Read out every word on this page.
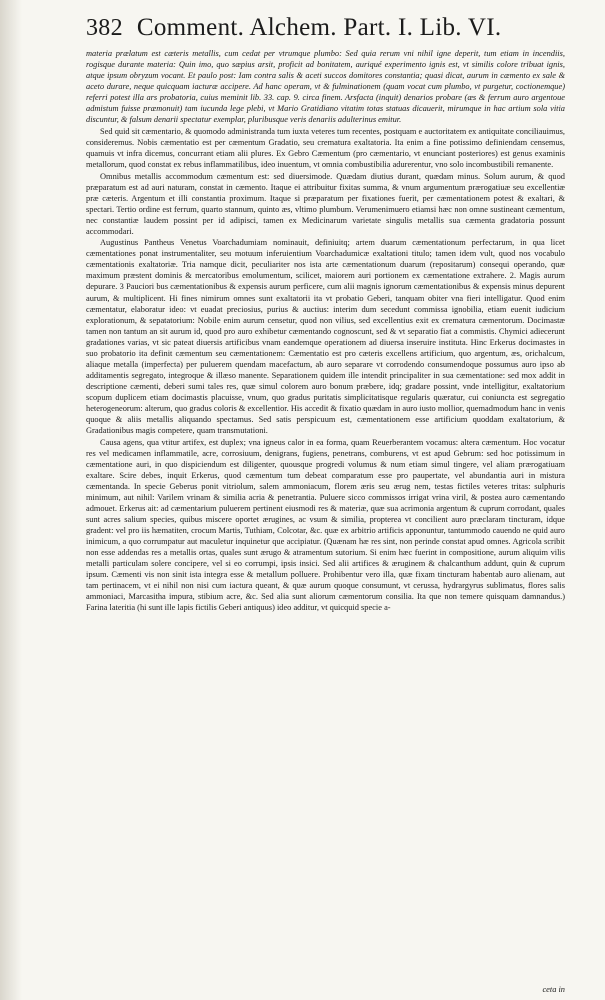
382 Comment. Alchem. Part. I. Lib. VI.

materia prælatum est cæteris metallis, cum cedat per vtrumque plumbo: Sed quia rerum vni nihil igne deperit, tum etiam in incendiis, rogisque durante materia: Quin imo, quo sæpius arsit, proficit ad bonitatem, auriqué experimento ignis est, vt similis colore tribuat ignis, atque ipsum obryzum vocant. Et paulo post: Iam contra salis & aceti succos domitores constantia; quasi dicat, aurum in cæmento ex sale & aceto durare, neque quicquam iacturæ accipere. Ad hanc operam, vt & fulminationem (quam vocat cum plumbo, vt purgetur, coctionemque) referri potest illa ars probatoria, cuius meminit lib. 33. cap. 9. circa finem. Arsfacta (inquit) denarios probare (æs & ferrum auro argentoue admistum fuisse præmonuit) tam iucunda lege plebi, vt Mario Gratidiano vitatim totas statuas dicauerit, mirumque in hac artium sola vitia discuntur, & falsum denarii spectatur exemplar, pluribusque veris denariis adulterinus emitur.

Sed quid sit cæmentario, & quomodo administranda tum iuxta veteres tum recentes, postquam e auctoritatem ex antiquitate conciliauimus, consideremus. Nobis cæmentatio est per cæmentum Gradatio, seu crematura exaltatoria. Ita enim a fine potissimo definiendam censemus, quamuis vt infra dicemus, concurrant etiam alii plures. Ex Gebro Cæmentum (pro cæmentario, vt enunciant posteriores) est genus examinis metallorum, quod constat ex rebus inflammatilibus, ideo inuentum, vt omnia combustibilia adurerentur, vno solo incombustibili remanente.

Omnibus metallis accommodum cæmentum est: sed diuersimode. Quædam diutius durant, quædam minus. Solum aurum, & quod præparatum est ad auri naturam, constat in cæmento. Itaque ei attribuitur fixitas summa, & vnum argumentum prærogatiuæ seu excellentiæ præ cæteris. Argentum et illi constantia proximum. Itaque si præparatum per fixationes fuerit, per cæmentationem potest & exaltari, & spectari. Tertio ordine est ferrum, quarto stannum, quinto æs, vltimo plumbum. Verumenimuero etiamsi hæc non omne sustineant cæmentum, nec constantiæ laudem possint per id adipisci, tamen ex Medicinarum varietate singulis metallis sua cæmenta gradatoria possunt accommodari.

Augustinus Pantheus Venetus Voarchadumiam nominauit, definiuitq; artem duarum cæmentationum perfectarum, in qua licet cæmentationes ponat instrumentaliter, seu motuum inferuientium Voarchadumicæ exaltationi titulo; tamen idem vult, quod nos vocabulo cæmentationis exaltatoriæ. Tria namque dicit, peculiariter nos ista arte cæmentationum duarum (repositarum) consequi operando, quæ maximum præstent dominis & mercatoribus emolumentum, scilicet, maiorem auri portionem ex cæmentatione extrahere. 2. Magis aurum depurare. 3 Pauciori bus cæmentationibus & expensis aurum perficere, cum alii magnis ignorum cæmentationibus & expensis minus depurent aurum, & multiplicent. Hi fines nimirum omnes sunt exaltatorii ita vt probatio Geberi, tanquam obiter vna fieri intelligatur. Quod enim cæmentatur, elaboratur ideo: vt euadat preciosius, purius & auctius: interim dum secedunt commissa ignobilia, etiam euenit iudicium explorationum, & sepatatorium: Nobile enim aurum censetur, quod non vilius, sed excellentius exit ex crematura cæmentorum. Docimastæ tamen non tantum an sit aurum id, quod pro auro exhibetur cæmentando cognoscunt, sed & vt separatio fiat a commistis. Chymici adiecerunt gradationes varias, vt sic pateat diuersis artificibus vnam eandemque operationem ad diuersa inseruire instituta. Hinc Erkerus docimastes in suo probatorio ita definit cæmentum seu cæmentationem: Cæmentatio est pro cæteris excellens artificium, quo argentum, æs, orichalcum, aliaque metalla (imperfecta) per puluerem quendam macefactum, ab auro separare vt corrodendo consumendoque possumus auro ipso ab additamentis segregato, integroque & illæso manente. Separationem quidem ille intendit principaliter in sua cæmentatione: sed mox addit in descriptione cæmenti, deberi sumi tales res, quæ simul colorem auro bonum præbere, idq; gradare possint, vnde intelligitur, exaltatorium scopum duplicem etiam docimastis placuisse, vnum, quo gradus puritatis simplicitatisque regularis quæratur, cui coniuncta est segregatio heterogeneorum: alterum, quo gradus coloris & excellentior. His accedit & fixatio quædam in auro iusto mollior, quemadmodum hanc in venis quoque & aliis metallis aliquando spectamus. Sed satis perspicuum est, cæmentationem esse artificium quoddam exaltatorium, & Gradationibus magis competere, quam transmutationi.

Causa agens, qua vtitur artifex, est duplex; vna igneus calor in ea forma, quam Reuerberantem vocamus: altera cæmentum. Hoc vocatur res vel medicamen inflammatile, acre, corrosiuum, denigrans, fugiens, penetrans, comburens, vt est apud Gebrum: sed hoc potissimum in cæmentatione auri, in quo dispiciendum est diligenter, quousque progredi volumus & num etiam simul tingere, vel aliam prærogatiuam exaltare. Scire debes, inquit Erkerus, quod cæmentum tum debeat comparatum esse pro paupertate, vel abundantia auri in mistura cæmentanda. In specie Geberus ponit vitriolum, salem ammoniacum, florem æris seu ærug nem, testas fictiles veteres tritas: sulphuris minimum, aut nihil: Varilem vrinam & similia acria & penetrantia. Puluere sicco commissos irrigat vrina viril, & postea auro cæmentando admouet. Erkerus ait: ad cæmentarium puluerem pertinent eiusmodi res & materiæ, quæ sua acrimonia argentum & cuprum corrodant, quales sunt acres salium species, quibus miscere oportet ærugines, ac vsum & similia, propterea vt concilient auro præclaram tincturam, idque gradent: vel pro iis hæmatiten, crocum Martis, Tuthiam, Colcotar, &c. quæ ex arbitrio artificis apponuntur, tantummodo cauendo ne quid auro inimicum, a quo corrumpatur aut maculetur inquinetur que accipiatur. (Quænam hæ res sint, non perinde constat apud omnes. Agricola scribit non esse addendas res a metallis ortas, quales sunt ærugo & atramentum sutorium. Si enim hæc fuerint in compositione, aurum aliquim vilis metalli particulam solere concipere, vel si eo corrumpi, ipsis insici. Sed alii artifices & æruginem & chalcanthum addunt, quin & cuprum ipsum. Cæmenti vis non sinit ista integra esse & metallum polluere. Prohibentur vero illa, quæ fixam tincturam habentab auro alienam, aut tam pertinacem, vt ei nihil non nisi cum iactura queant, & quæ aurum quoque consumunt, vt cerussa, hydrargyrus sublimatus, flores salis ammoniaci, Marcasitha impura, stibium acre, &c. Sed alia sunt aliorum cæmentorum consilia. Ita que non temere quisquam damnandus.) Farina lateritia (hi sunt ille lapis fictilis Geberi antiquus) ideo additur, vt quicquid specie a-

ceta in
